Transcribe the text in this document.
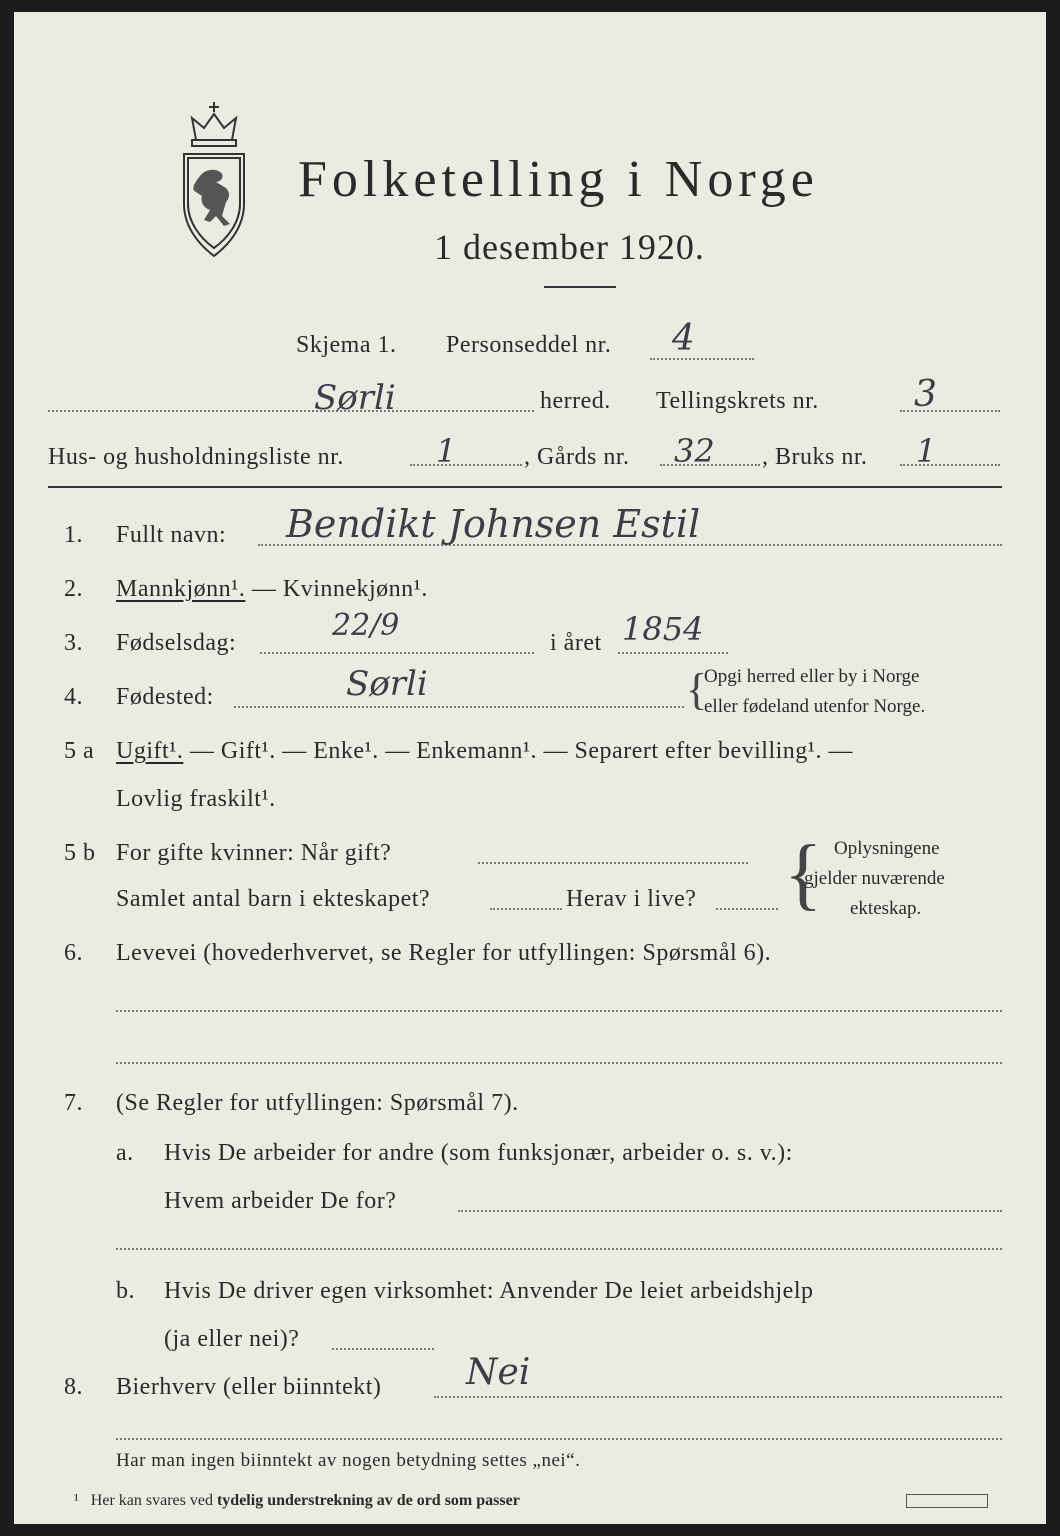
Folketelling i Norge
1 desember 1920.
Skjema 1. Personseddel nr. 4
Sørli	herred. Tellingskrets nr.	3
Hus- og husholdningsliste nr.	1	, Gårds nr. 32 , Bruks nr. 1
1. Fullt navn: Bendikt Johnsen Estil
2. Mannkjønn¹. — Kvinnekjønn¹.
3. Fødselsdag:	22/9	i året 1854
4. Fødested:	Sørli	{
Opgi herred eller by i Norge
eller fødeland utenfor Norge.
5 a Ugift¹. — Gift¹. — Enke¹. — Enkemann¹. — Separert efter bevilling¹. —
Lovlig fraskilt¹.
5 b For gifte kvinner: Når gift?
Samlet antal barn i ekteskapet?	Herav i live? { Oplysningene
gjelder nuværende
ekteskap.
6. Levevei (hovederhvervet, se Regler for utfyllingen: Spørsmål 6).
7. (Se Regler for utfyllingen: Spørsmål 7).
a. Hvis De arbeider for andre (som funksjonær, arbeider o. s. v.):
Hvem arbeider De for?
b. Hvis De driver egen virksomhet: Anvender De leiet arbeidshjelp
(ja eller nei)?
8. Bierhverv (eller biinntekt) Nei
Har man ingen biinntekt av nogen betydning settes „nei“.
¹ Her kan svares ved tydelig understrekning av de ord som passer
